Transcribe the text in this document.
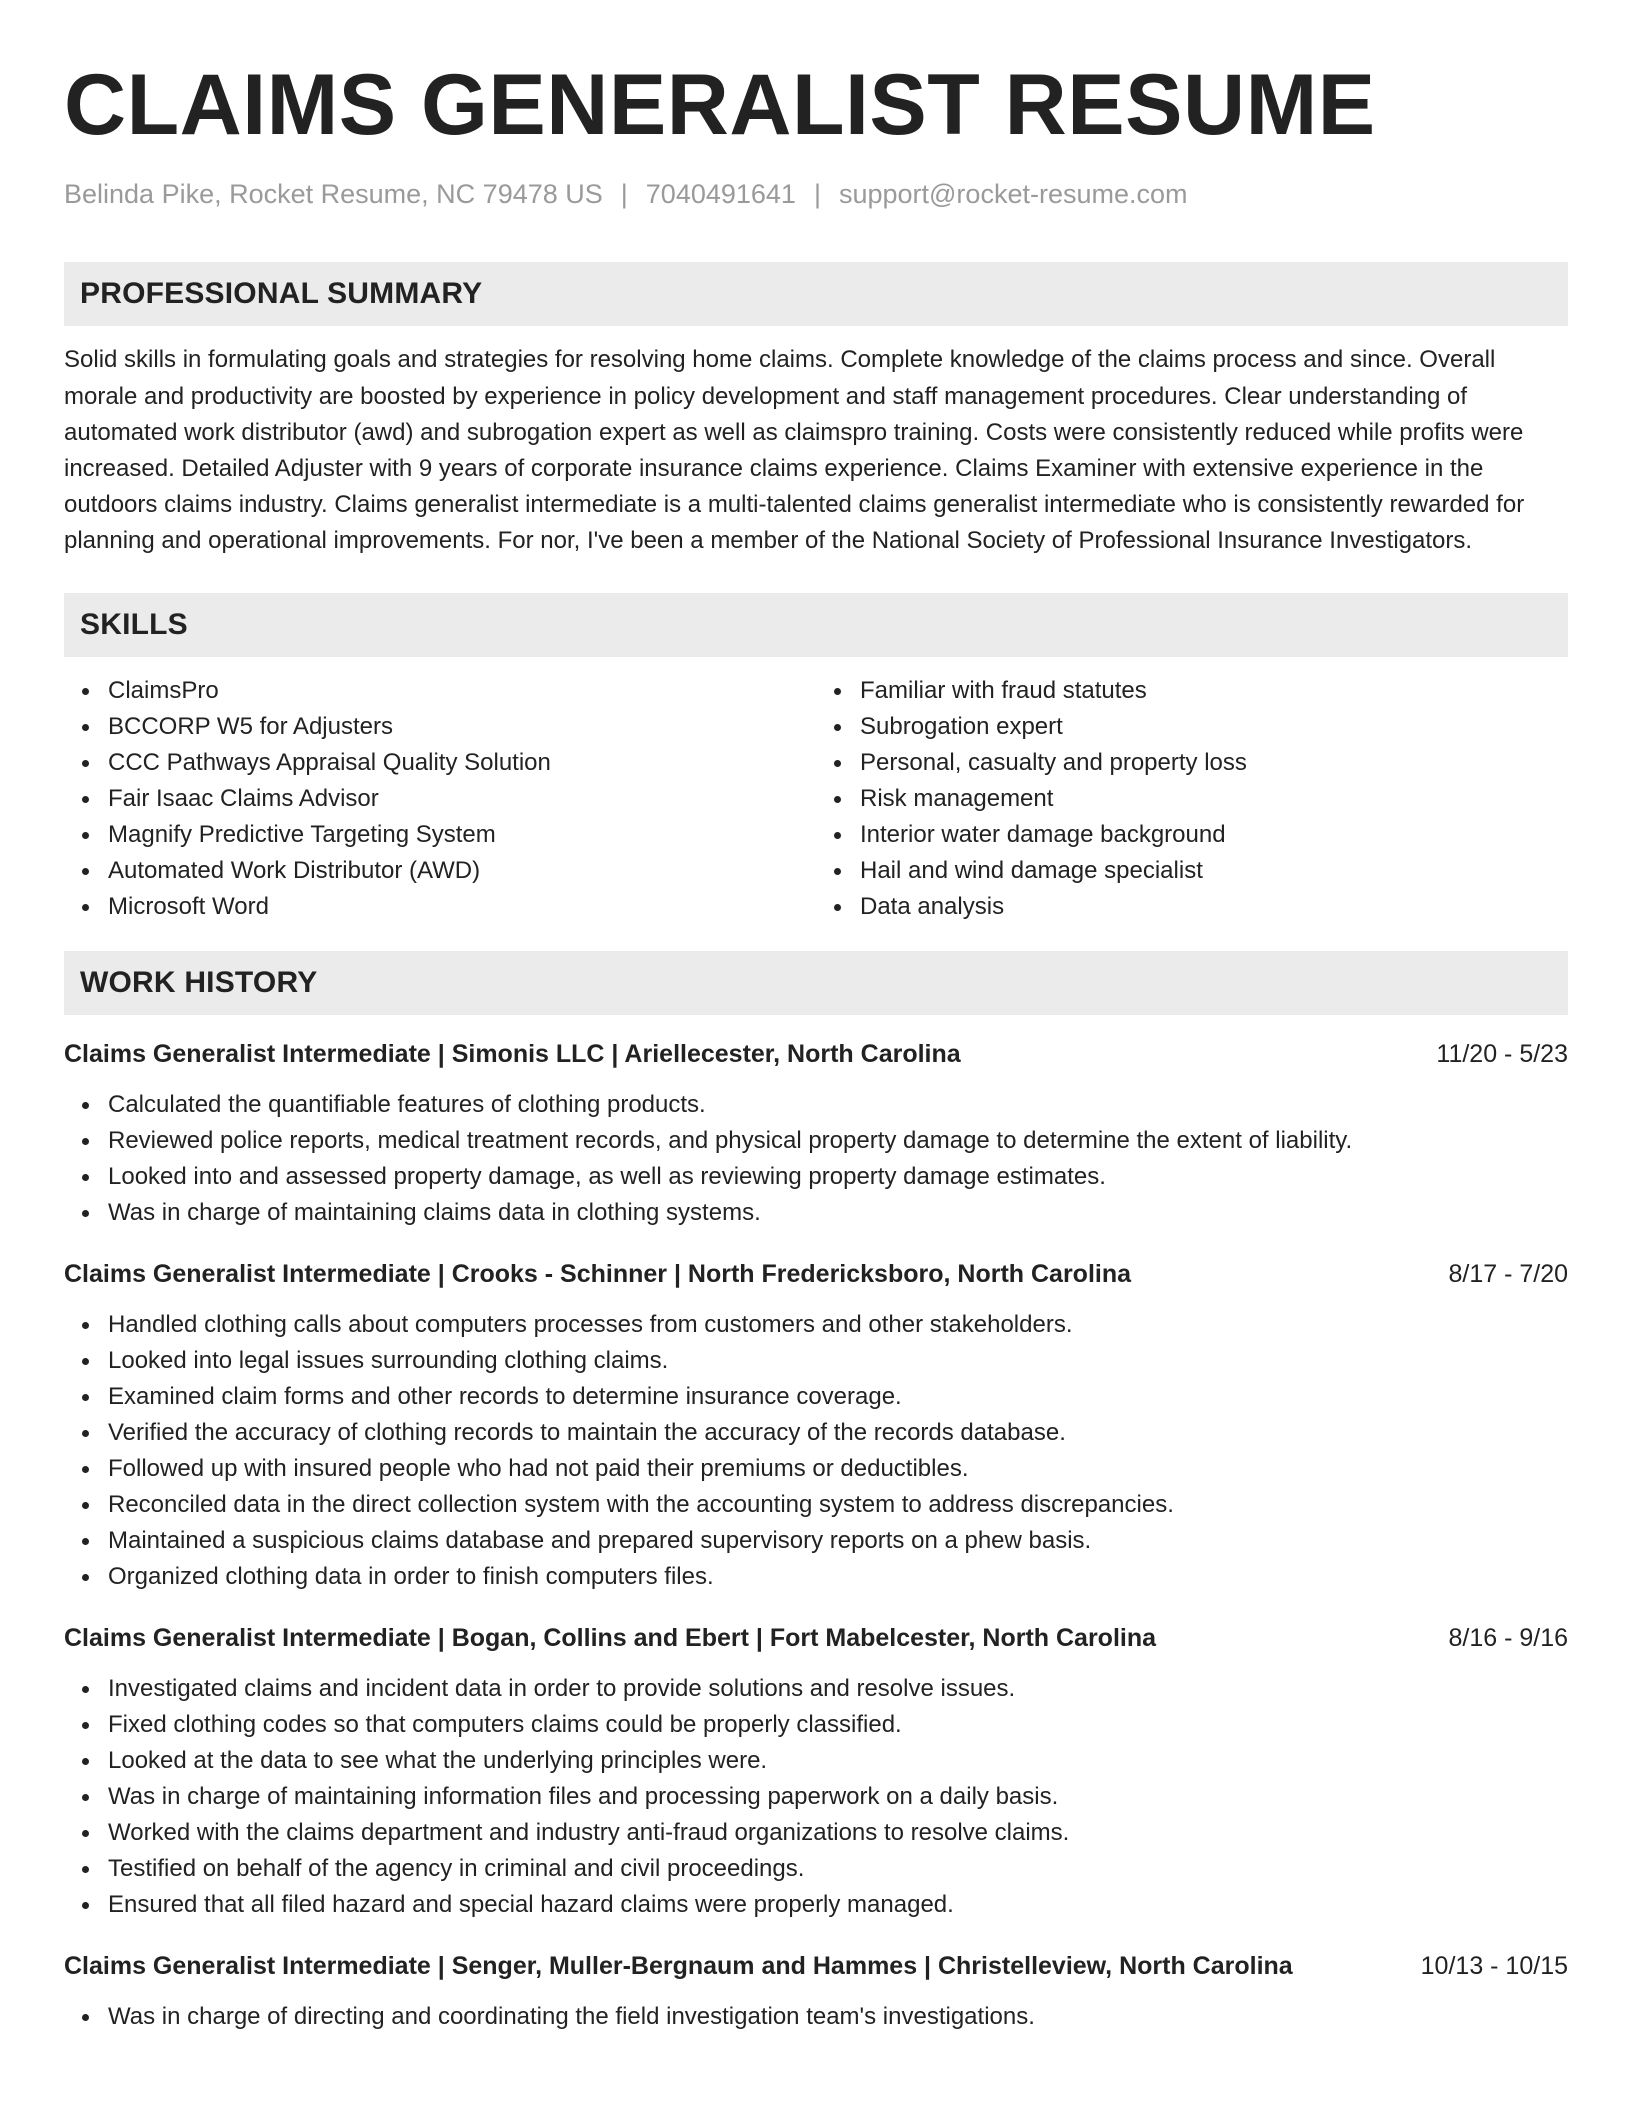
CLAIMS GENERALIST RESUME
Belinda Pike, Rocket Resume, NC 79478 US | 7040491641 | support@rocket-resume.com
PROFESSIONAL SUMMARY
Solid skills in formulating goals and strategies for resolving home claims. Complete knowledge of the claims process and since. Overall morale and productivity are boosted by experience in policy development and staff management procedures. Clear understanding of automated work distributor (awd) and subrogation expert as well as claimspro training. Costs were consistently reduced while profits were increased. Detailed Adjuster with 9 years of corporate insurance claims experience. Claims Examiner with extensive experience in the outdoors claims industry. Claims generalist intermediate is a multi-talented claims generalist intermediate who is consistently rewarded for planning and operational improvements. For nor, I've been a member of the National Society of Professional Insurance Investigators.
SKILLS
ClaimsPro
BCCORP W5 for Adjusters
CCC Pathways Appraisal Quality Solution
Fair Isaac Claims Advisor
Magnify Predictive Targeting System
Automated Work Distributor (AWD)
Microsoft Word
Familiar with fraud statutes
Subrogation expert
Personal, casualty and property loss
Risk management
Interior water damage background
Hail and wind damage specialist
Data analysis
WORK HISTORY
Claims Generalist Intermediate | Simonis LLC | Ariellecester, North Carolina	11/20 - 5/23
Calculated the quantifiable features of clothing products.
Reviewed police reports, medical treatment records, and physical property damage to determine the extent of liability.
Looked into and assessed property damage, as well as reviewing property damage estimates.
Was in charge of maintaining claims data in clothing systems.
Claims Generalist Intermediate | Crooks - Schinner | North Fredericksboro, North Carolina	8/17 - 7/20
Handled clothing calls about computers processes from customers and other stakeholders.
Looked into legal issues surrounding clothing claims.
Examined claim forms and other records to determine insurance coverage.
Verified the accuracy of clothing records to maintain the accuracy of the records database.
Followed up with insured people who had not paid their premiums or deductibles.
Reconciled data in the direct collection system with the accounting system to address discrepancies.
Maintained a suspicious claims database and prepared supervisory reports on a phew basis.
Organized clothing data in order to finish computers files.
Claims Generalist Intermediate | Bogan, Collins and Ebert | Fort Mabelcester, North Carolina	8/16 - 9/16
Investigated claims and incident data in order to provide solutions and resolve issues.
Fixed clothing codes so that computers claims could be properly classified.
Looked at the data to see what the underlying principles were.
Was in charge of maintaining information files and processing paperwork on a daily basis.
Worked with the claims department and industry anti-fraud organizations to resolve claims.
Testified on behalf of the agency in criminal and civil proceedings.
Ensured that all filed hazard and special hazard claims were properly managed.
Claims Generalist Intermediate | Senger, Muller-Bergnaum and Hammes | Christelleview, North Carolina	10/13 - 10/15
Was in charge of directing and coordinating the field investigation team's investigations.
